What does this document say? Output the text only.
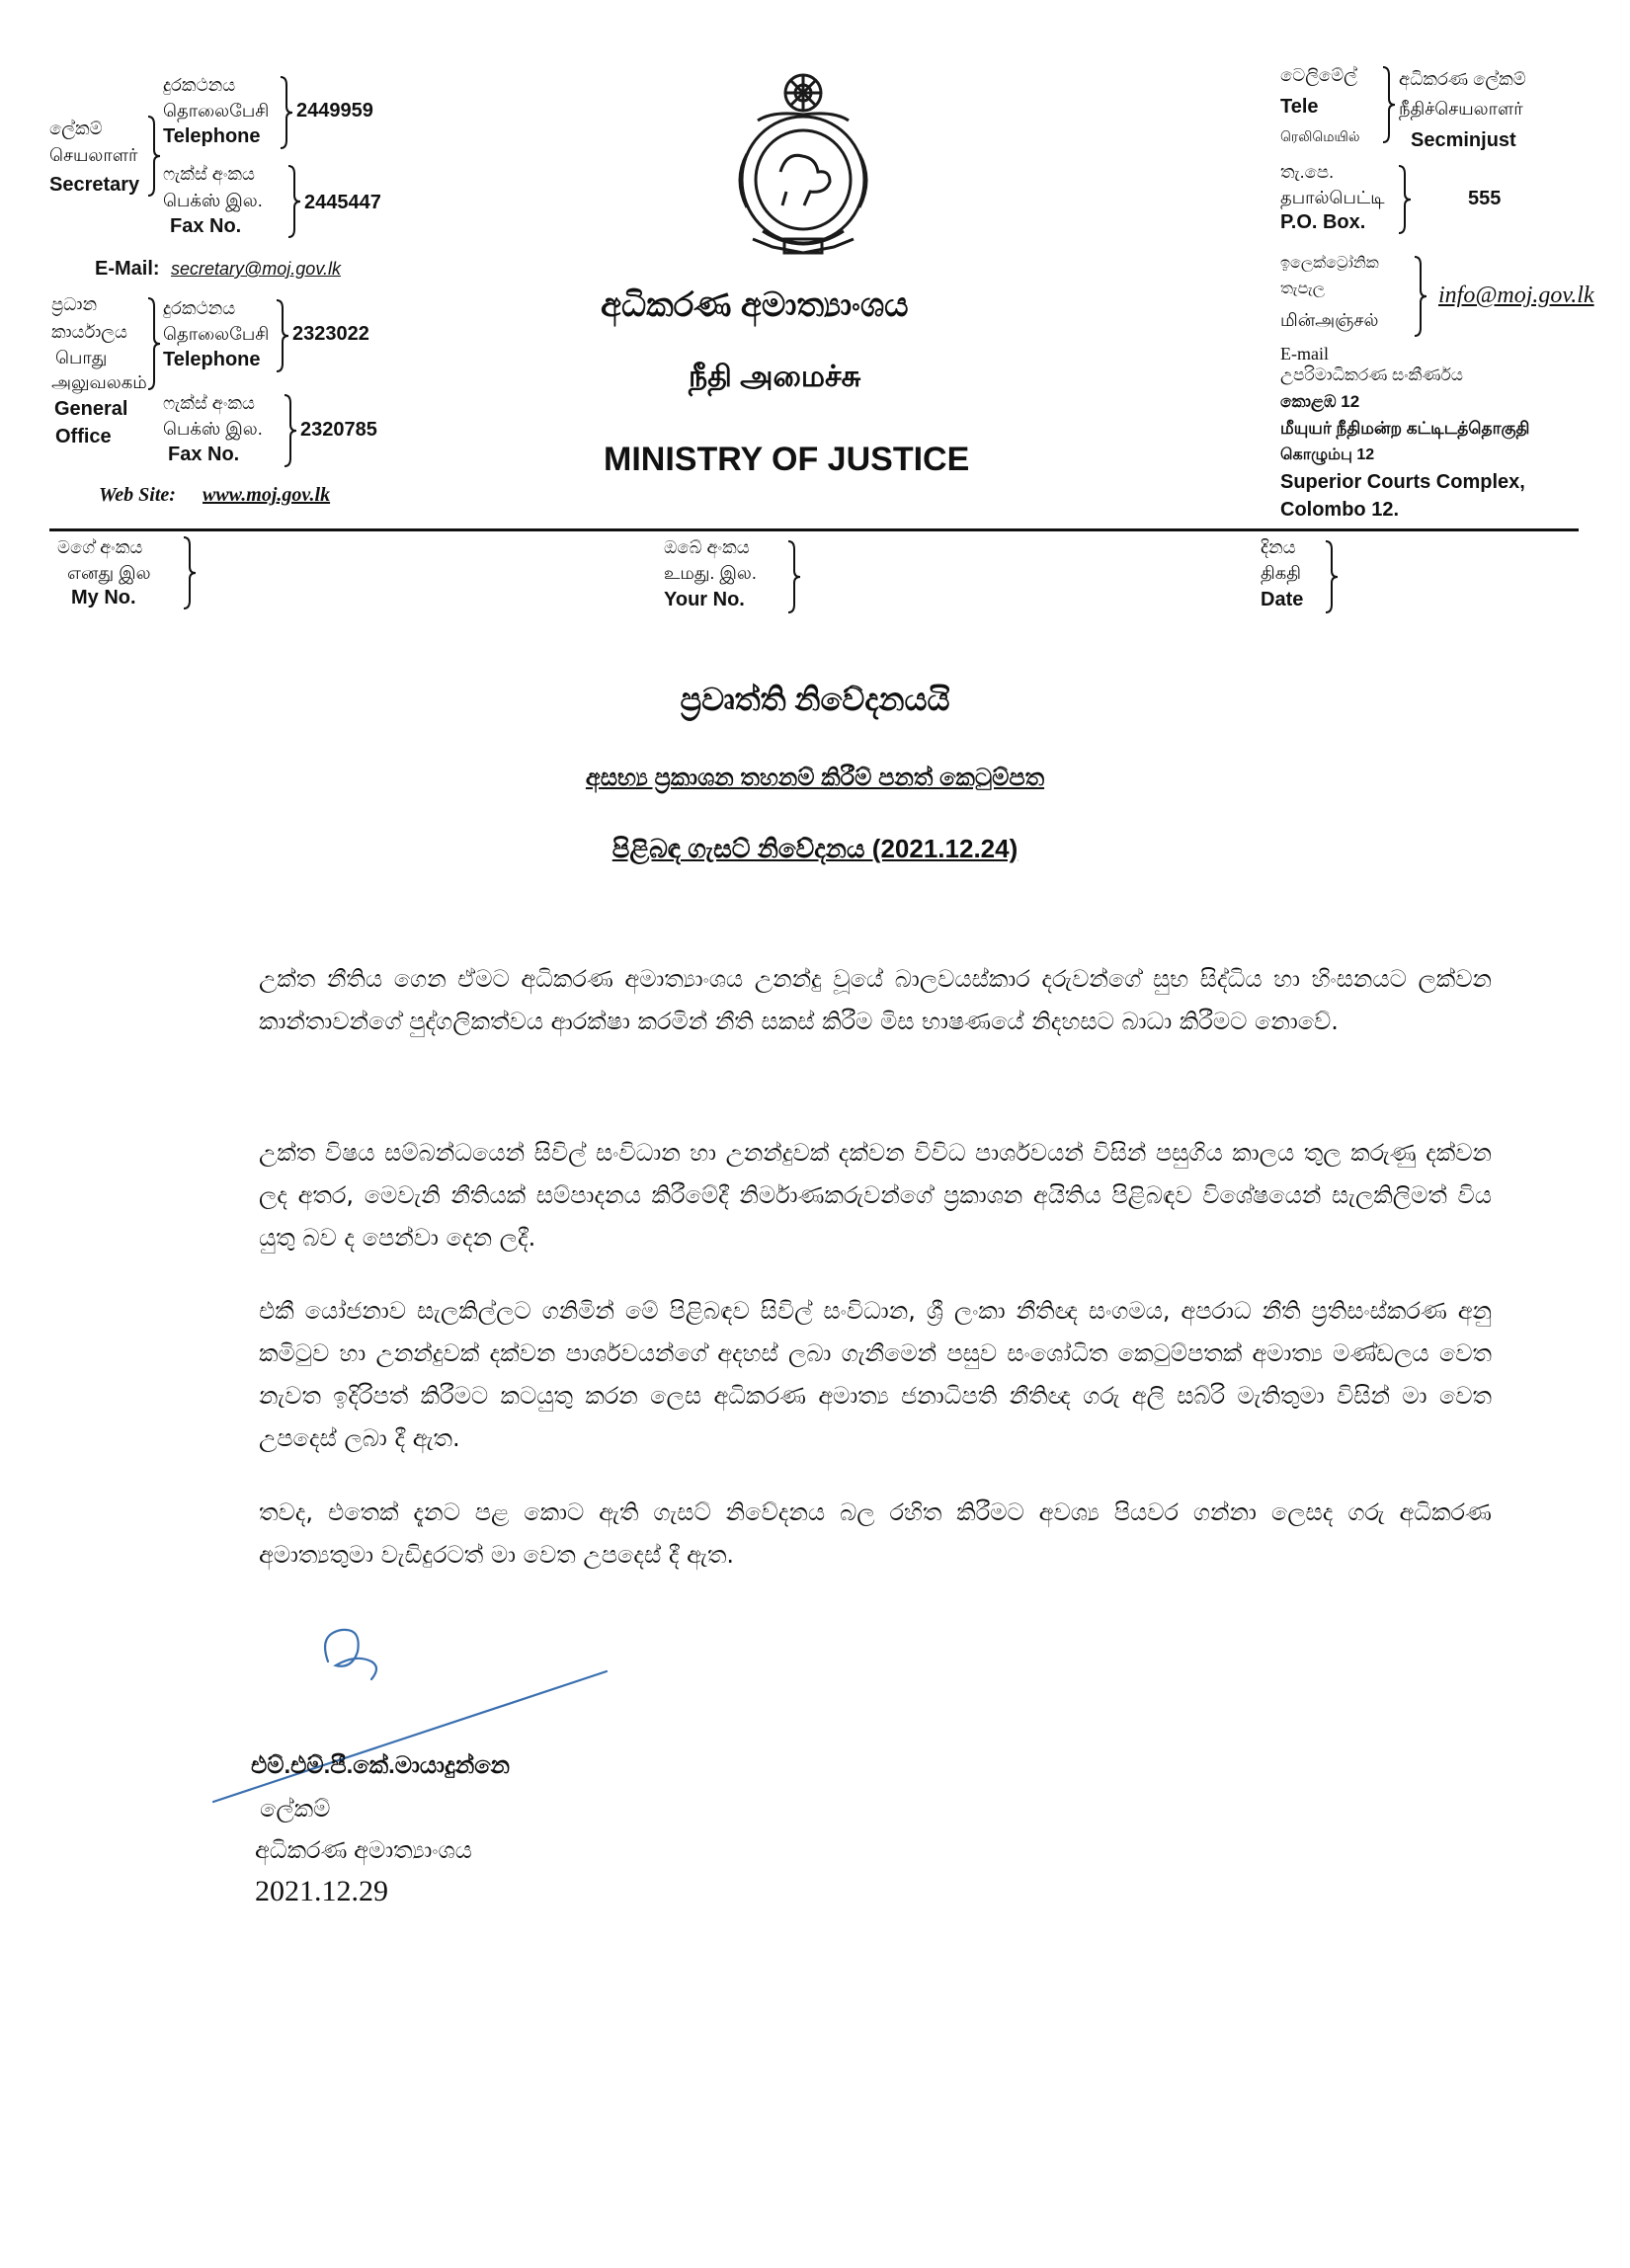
ලේකම්
செயலாளர்
Secretary
දුරකථනය
தொலைபேசி
Telephone
2449959
ෆැක්ස් අංකය
பெக்ஸ் இல.
Fax No.
2445447
E-Mail: secretary@moj.gov.lk
ප්‍රධාන
කාර්යාලය
பொது
அலுவலகம்
General
Office
දුරකථනය
தொலைபேசி
Telephone
2323022
ෆැක්ස් අංකය
பெக்ஸ் இல.
Fax No.
2320785
Web Site: www.moj.gov.lk
අධිකරණ අමාත්‍යාංශය
நீதி அமைச்சு
MINISTRY OF JUSTICE
ටෙලිමේල්
Tele
ரெலிமெயில்
අධිකරණ ලේකම්
நீதிச்செயலாளர்
Secminjust
තැ.පෙ.
தபால்பெட்டி
P.O. Box.
555
ඉලෙක්ට්‍රෝනික
තැපැල
மின்அஞ்சல்
info@moj.gov.lk
E-mail
උපරිමාධිකරණ සංකීර්ණය
කොළඹ 12
மீயுயர் நீதிமன்ற கட்டிடத்தொகுதி
கொழும்பு 12
Superior Courts Complex,
Colombo 12.
මගේ අංකය
எனது இல
My No.
ඔබේ අංකය
உமது. இல.
Your No.
දිනය
திகதி
Date
ප්‍රවෘත්ති නිවේදනයයි
අසභ්‍ය ප්‍රකාශන තහනම් කිරීම් පනත් කෙටුම්පත
පිළිබඳ ගැසට් නිවේදනය (2021.12.24)

උක්ත නීතිය ගෙන ඒමට අධිකරණ අමාත්‍යාංශය උනන්දු වූයේ බාලවයස්කාර දරුවන්ගේ සුභ සිද්ධිය හා හිංසනයට ලක්වන කාන්තාවන්ගේ පුද්ගලිකත්වය ආරක්ෂා කරමින් නීති සකස් කිරීම මිස භාෂණයේ නිදහසට බාධා කිරීමට නොවේ.

උක්ත විෂය සම්බන්ධයෙන් සිවිල් සංවිධාන හා උනන්දුවක් දක්වන විවිධ පාර්ශවයන් විසින් පසුගිය කාලය තුල කරුණු දක්වන ලද අතර, මෙවැනි නීතියක් සම්පාදනය කිරීමේදී නිර්මාණකරුවන්ගේ ප්‍රකාශන අයිතිය පිළිබඳව විශේෂයෙන් සැලකිලිමත් විය යුතු බව ද පෙන්වා දෙන ලදී.

එකී යෝජනාව සැලකිල්ලට ගනිමින් මේ පිළිබඳව සිවිල් සංවිධාන, ශ්‍රී ලංකා නීතිඥ සංගමය, අපරාධ නීති ප්‍රතිසංස්කරණ අනු කමිටුව හා උනන්දුවක් දක්වන පාර්ශවයන්ගේ අදහස් ලබා ගැනීමෙන් පසුව සංශෝධිත කෙටුම්පතක් අමාත්‍ය මණ්ඩලය වෙත නැවත ඉදිරිපත් කිරීමට කටයුතු කරන ලෙස අධිකරණ අමාත්‍ය ජනාධිපති නීතිඥ ගරු අලි සබ්රි මැතිතුමා විසින් මා වෙත උපදෙස් ලබා දී ඇත.

තවද, එතෙක් දැනට පළ කොට ඇති ගැසට් නිවේදනය බල රහිත කිරීමට අවශ්‍ය පියවර ගන්නා ලෙසද ගරු අධිකරණ අමාත්‍යතුමා වැඩිදුරටත් මා වෙත උපදෙස් දී ඇත.

එම්.එම්.පී.කේ.මායාදුන්නෙ
ලේකම්
අධිකරණ අමාත්‍යාංශය
2021.12.29
